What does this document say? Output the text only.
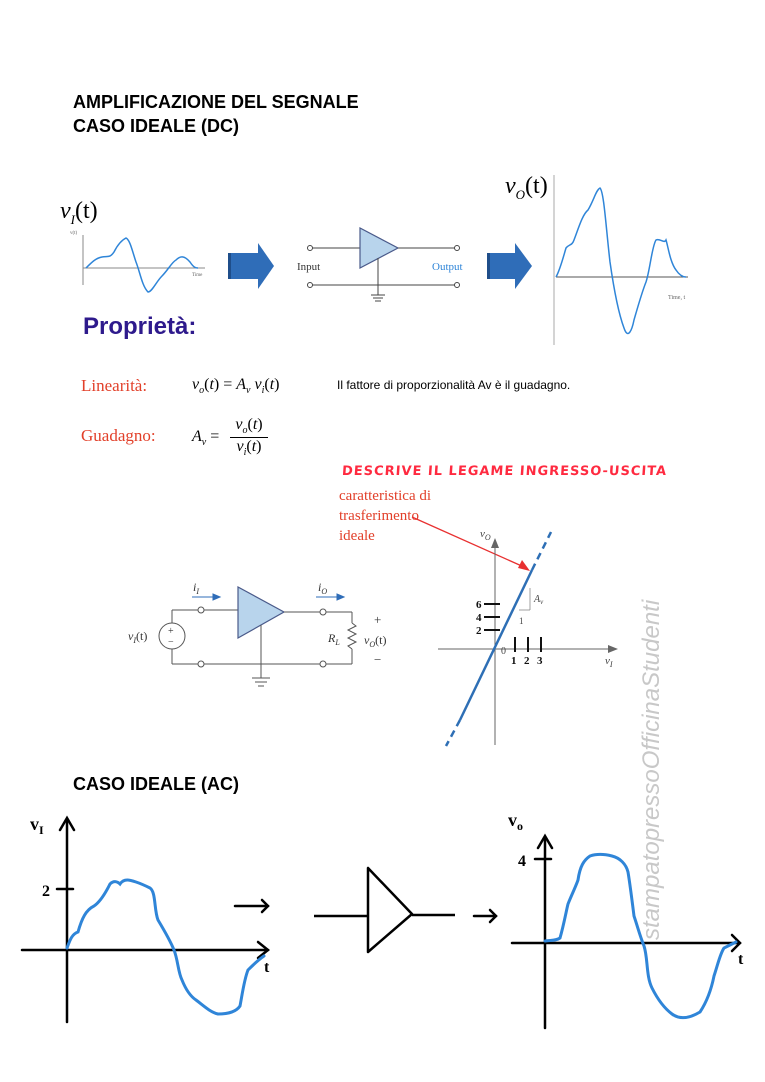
AMPLIFICAZIONE DEL SEGNALE
CASO IDEALE (DC)
$v_I(t)$
$v_O(t)$
v(t)
Time
Input	Output
Time, t
Proprietà:
Linearità:	$v_o(t) = A_v$ $v_i(t)$	Il fattore di proporzionalità Av è il guadagno.
Guadagno: $A_v$ =
$v_o(t)$
$v_i(t)$
DESCRIVE IL LEGAME INGRESSO-USCITA
caratteristica di
trasferimento
ideale	$v_O$
$v_I$
0
$A_v$
1
6
4
2
1 2 3
$i_I$	$i_O$
$v_I(t)$	$R_L$ $v_O(t)$
+
−
+
−
CASO IDEALE (AC)
$v_I$
2
t
$v_o$
4
t
stampatopressoOfficinaStudenti
